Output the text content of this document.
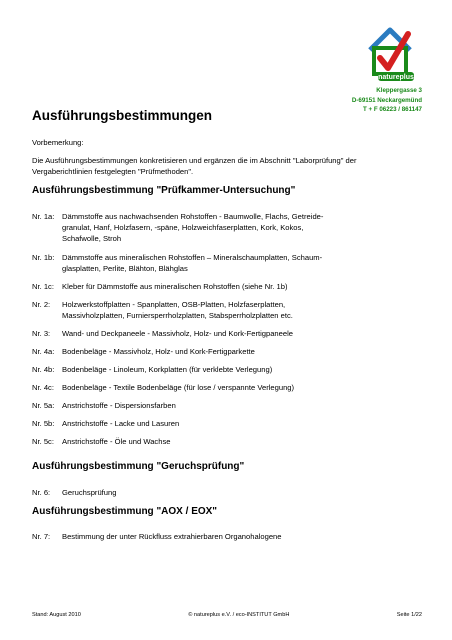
natureplus
Kleppergasse 3
D-69151 Neckargemünd
T + F 06223 / 861147
Ausführungsbestimmungen
Vorbemerkung:
Die Ausführungsbestimmungen konkretisieren und ergänzen die im Abschnitt "Laborprüfung" der Vergaberichtlinien festgelegten "Prüfmethoden".
Ausführungsbestimmung "Prüfkammer-Untersuchung"
Nr. 1a:	Dämmstoffe aus nachwachsenden Rohstoffen - Baumwolle, Flachs, Getreide-
granulat, Hanf, Holzfasern, -späne, Holzweichfaserplatten, Kork, Kokos,
Schafwolle, Stroh
Nr. 1b:	Dämmstoffe aus mineralischen Rohstoffen – Mineralschaumplatten, Schaum-
glasplatten, Perlite, Blähton, Blähglas
Nr. 1c:	Kleber für Dämmstoffe aus mineralischen Rohstoffen (siehe Nr. 1b)
Nr. 2:	Holzwerkstoffplatten - Spanplatten, OSB-Platten, Holzfaserplatten,
Massivholzplatten, Furniersperrholzplatten, Stabsperrholzplatten etc.
Nr. 3:	Wand- und Deckpaneele - Massivholz, Holz- und Kork-Fertigpaneele
Nr. 4a:	Bodenbeläge - Massivholz, Holz- und Kork-Fertigparkette
Nr. 4b:	Bodenbeläge - Linoleum, Korkplatten (für verklebte Verlegung)
Nr. 4c:	Bodenbeläge - Textile Bodenbeläge (für lose / verspannte Verlegung)
Nr. 5a:	Anstrichstoffe - Dispersionsfarben
Nr. 5b:	Anstrichstoffe - Lacke und Lasuren
Nr. 5c:	Anstrichstoffe - Öle und Wachse
Ausführungsbestimmung "Geruchsprüfung"
Nr. 6:	Geruchsprüfung
Ausführungsbestimmung "AOX / EOX"
Nr. 7:	Bestimmung der unter Rückfluss extrahierbaren Organohalogene
Stand: August 2010	© natureplus e.V. / eco-INSTITUT GmbH	Seite 1/22
